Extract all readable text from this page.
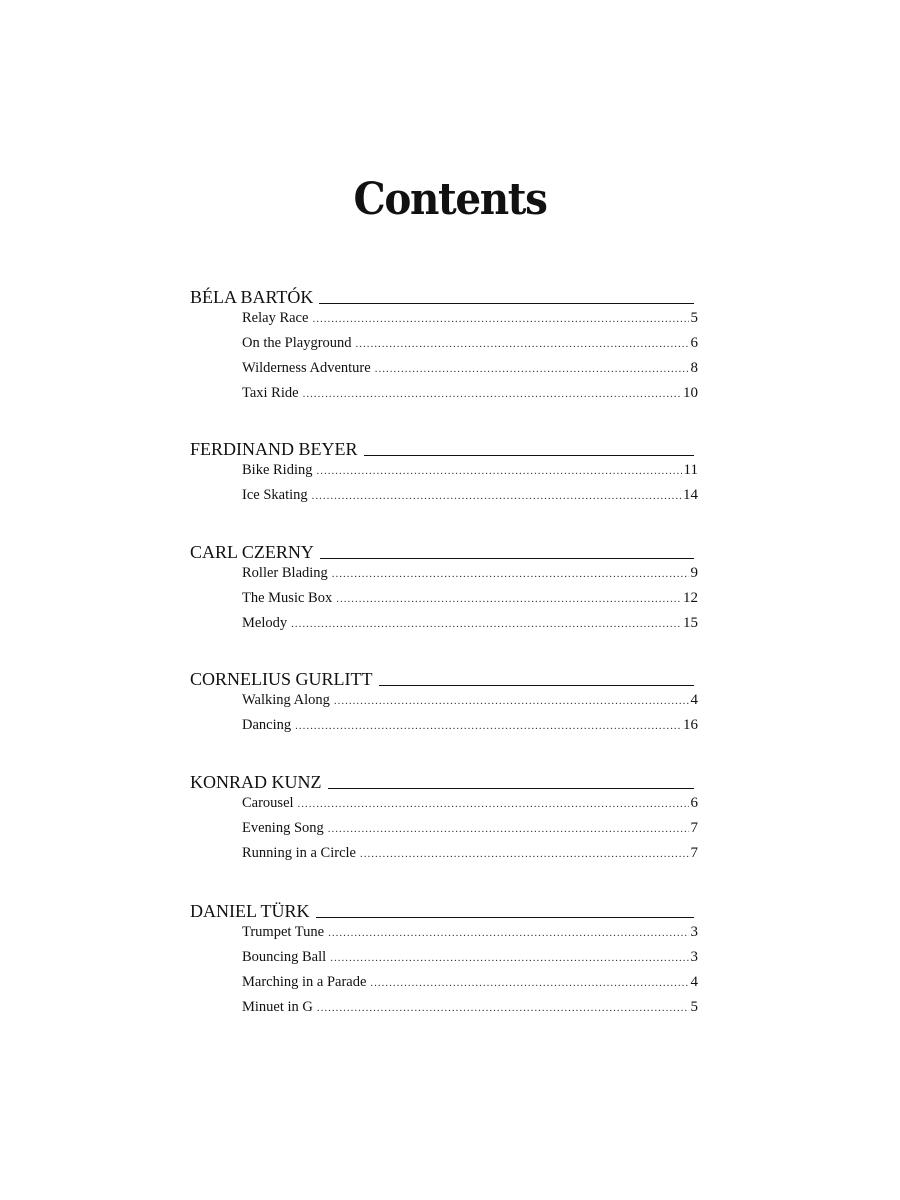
Contents
BÉLA BARTÓK
Relay Race .....	5
On the Playground .....	6
Wilderness Adventure .....	8
Taxi Ride .....	10
FERDINAND BEYER
Bike Riding .....	11
Ice Skating .....	14
CARL CZERNY
Roller Blading .....	9
The Music Box .....	12
Melody .....	15
CORNELIUS GURLITT
Walking Along .....	4
Dancing .....	16
KONRAD KUNZ
Carousel .....	6
Evening Song .....	7
Running in a Circle .....	7
DANIEL TÜRK
Trumpet Tune .....	3
Bouncing Ball .....	3
Marching in a Parade .....	4
Minuet in G .....	5
